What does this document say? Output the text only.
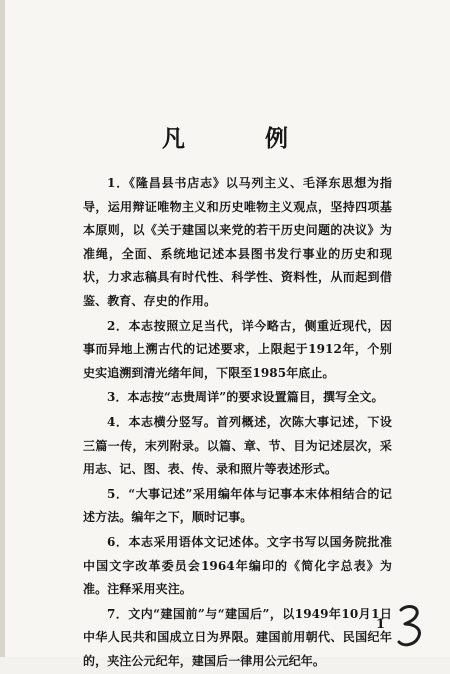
凡 例

1．《隆昌县书店志》以马列主义、毛泽东思想为指导，运用辩证唯物主义和历史唯物主义观点，坚持四项基本原则，以《关于建国以来党的若干历史问题的决议》为准绳，全面、系统地记述本县图书发行事业的历史和现状，力求志稿具有时代性、科学性、资料性，从而起到借鉴、教育、存史的作用。

2．本志按照立足当代，详今略古，侧重近现代，因事而异地上溯古代的记述要求，上限起于1912年，个别史实追溯到清光绪年间，下限至1985年底止。

3．本志按“志贵周详”的要求设置篇目，撰写全文。

4．本志横分竖写。首列概述，次陈大事记述，下设三篇一传，末列附录。以篇、章、节、目为记述层次，采用志、记、图、表、传、录和照片等表述形式。

5．“大事记述”采用编年体与记事本末体相结合的记述方法。编年之下，顺时记事。

6．本志采用语体文记述体。文字书写以国务院批准中国文字改革委员会1964年编印的《简化字总表》为准。注释采用夹注。

7．文内“建国前”与“建国后”，以1949年10月1日中华人民共和国成立日为界限。建国前用朝代、民国纪年的，夹注公元纪年，建国后一律用公元纪年。

1
